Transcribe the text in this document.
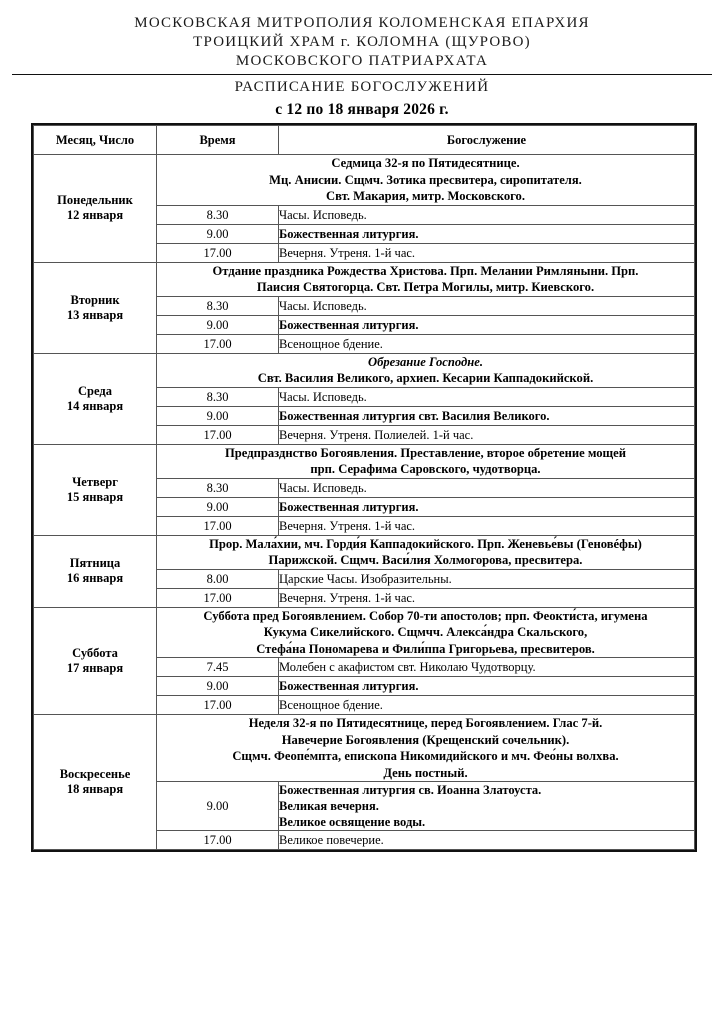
МОСКОВСКАЯ МИТРОПОЛИЯ КОЛОМЕНСКАЯ ЕПАРХИЯ
ТРОИЦКИЙ ХРАМ г. КОЛОМНА (ЩУРОВО)
МОСКОВСКОГО ПАТРИАРХАТА
РАСПИСАНИЕ БОГОСЛУЖЕНИЙ
с 12 по 18 января 2026 г.
Месяц, Число	Время	Богослужение
Понедельник
12 января	Седмица 32-я по Пятидесятнице.
Мц. Анисии. Сщмч. Зотика пресвитера, сиропитателя.
Свт. Макария, митр. Московского.	

	8.30	Часы. Исповедь.

	9.00	Божественная литургия.

	17.00	Вечерня. Утреня. 1-й час.

Вторник
13 января	Отдание праздника Рождества Христова. Прп. Мелании Римляныни. Прп.
Паисия Святогорца. Свт. Петра Могилы, митр. Киевского.	

	8.30	Часы. Исповедь.

	9.00	Божественная литургия.

	17.00	Всенощное бдение.

Среда
14 января	Обрезание Господне.
Свт. Василия Великого, архиеп. Кесарии Каппадокийской.	

	8.30	Часы. Исповедь.

	9.00	Божественная литургия свт. Василия Великого.

	17.00	Вечерня. Утреня. Полиелей. 1-й час.

Четверг
15 января	Предпразднство Богоявления. Преставление, второе обретение мощей
прп. Серафима Саровского, чудотворца.	

	8.30	Часы. Исповедь.

	9.00	Божественная литургия.

	17.00	Вечерня. Утреня. 1-й час.

Пятница
16 января	Прор. Мала́хии, мч. Горди́я Каппадокийского. Прп. Женевье́вы (Геновéфы)
Парижской. Сщмч. Васи́лия Холмогорова, пресвитера.	

	8.00	Царские Часы. Изобразительны.

	17.00	Вечерня. Утреня. 1-й час.

Суббота
17 января	Суббота пред Богоявлением. Собор 70-ти апостолов; прп. Феокти́ста, игумена
Кукума Сикелийского. Сщмчч. Алекса́ндра Скальского,
Стефа́на Пономарева и Фили́ппа Григорьева, пресвитеров.	

	7.45	Молебен с акафистом свт. Николаю Чудотворцу.

	9.00	Божественная литургия.

	17.00	Всенощное бдение.

Воскресенье
18 января	Неделя 32-я по Пятидесятнице, перед Богоявлением. Глас 7-й.
Навечерие Богоявления (Крещенский сочельник).
Сщмч. Феопе́мпта, епископа Никомидийского и мч. Фео́ны волхва.
День постный.	

	9.00	Божественная литургия св. Иоанна Златоуста.
Великая вечерня.
Великое освящение воды.

	17.00	Великое повечерие.
